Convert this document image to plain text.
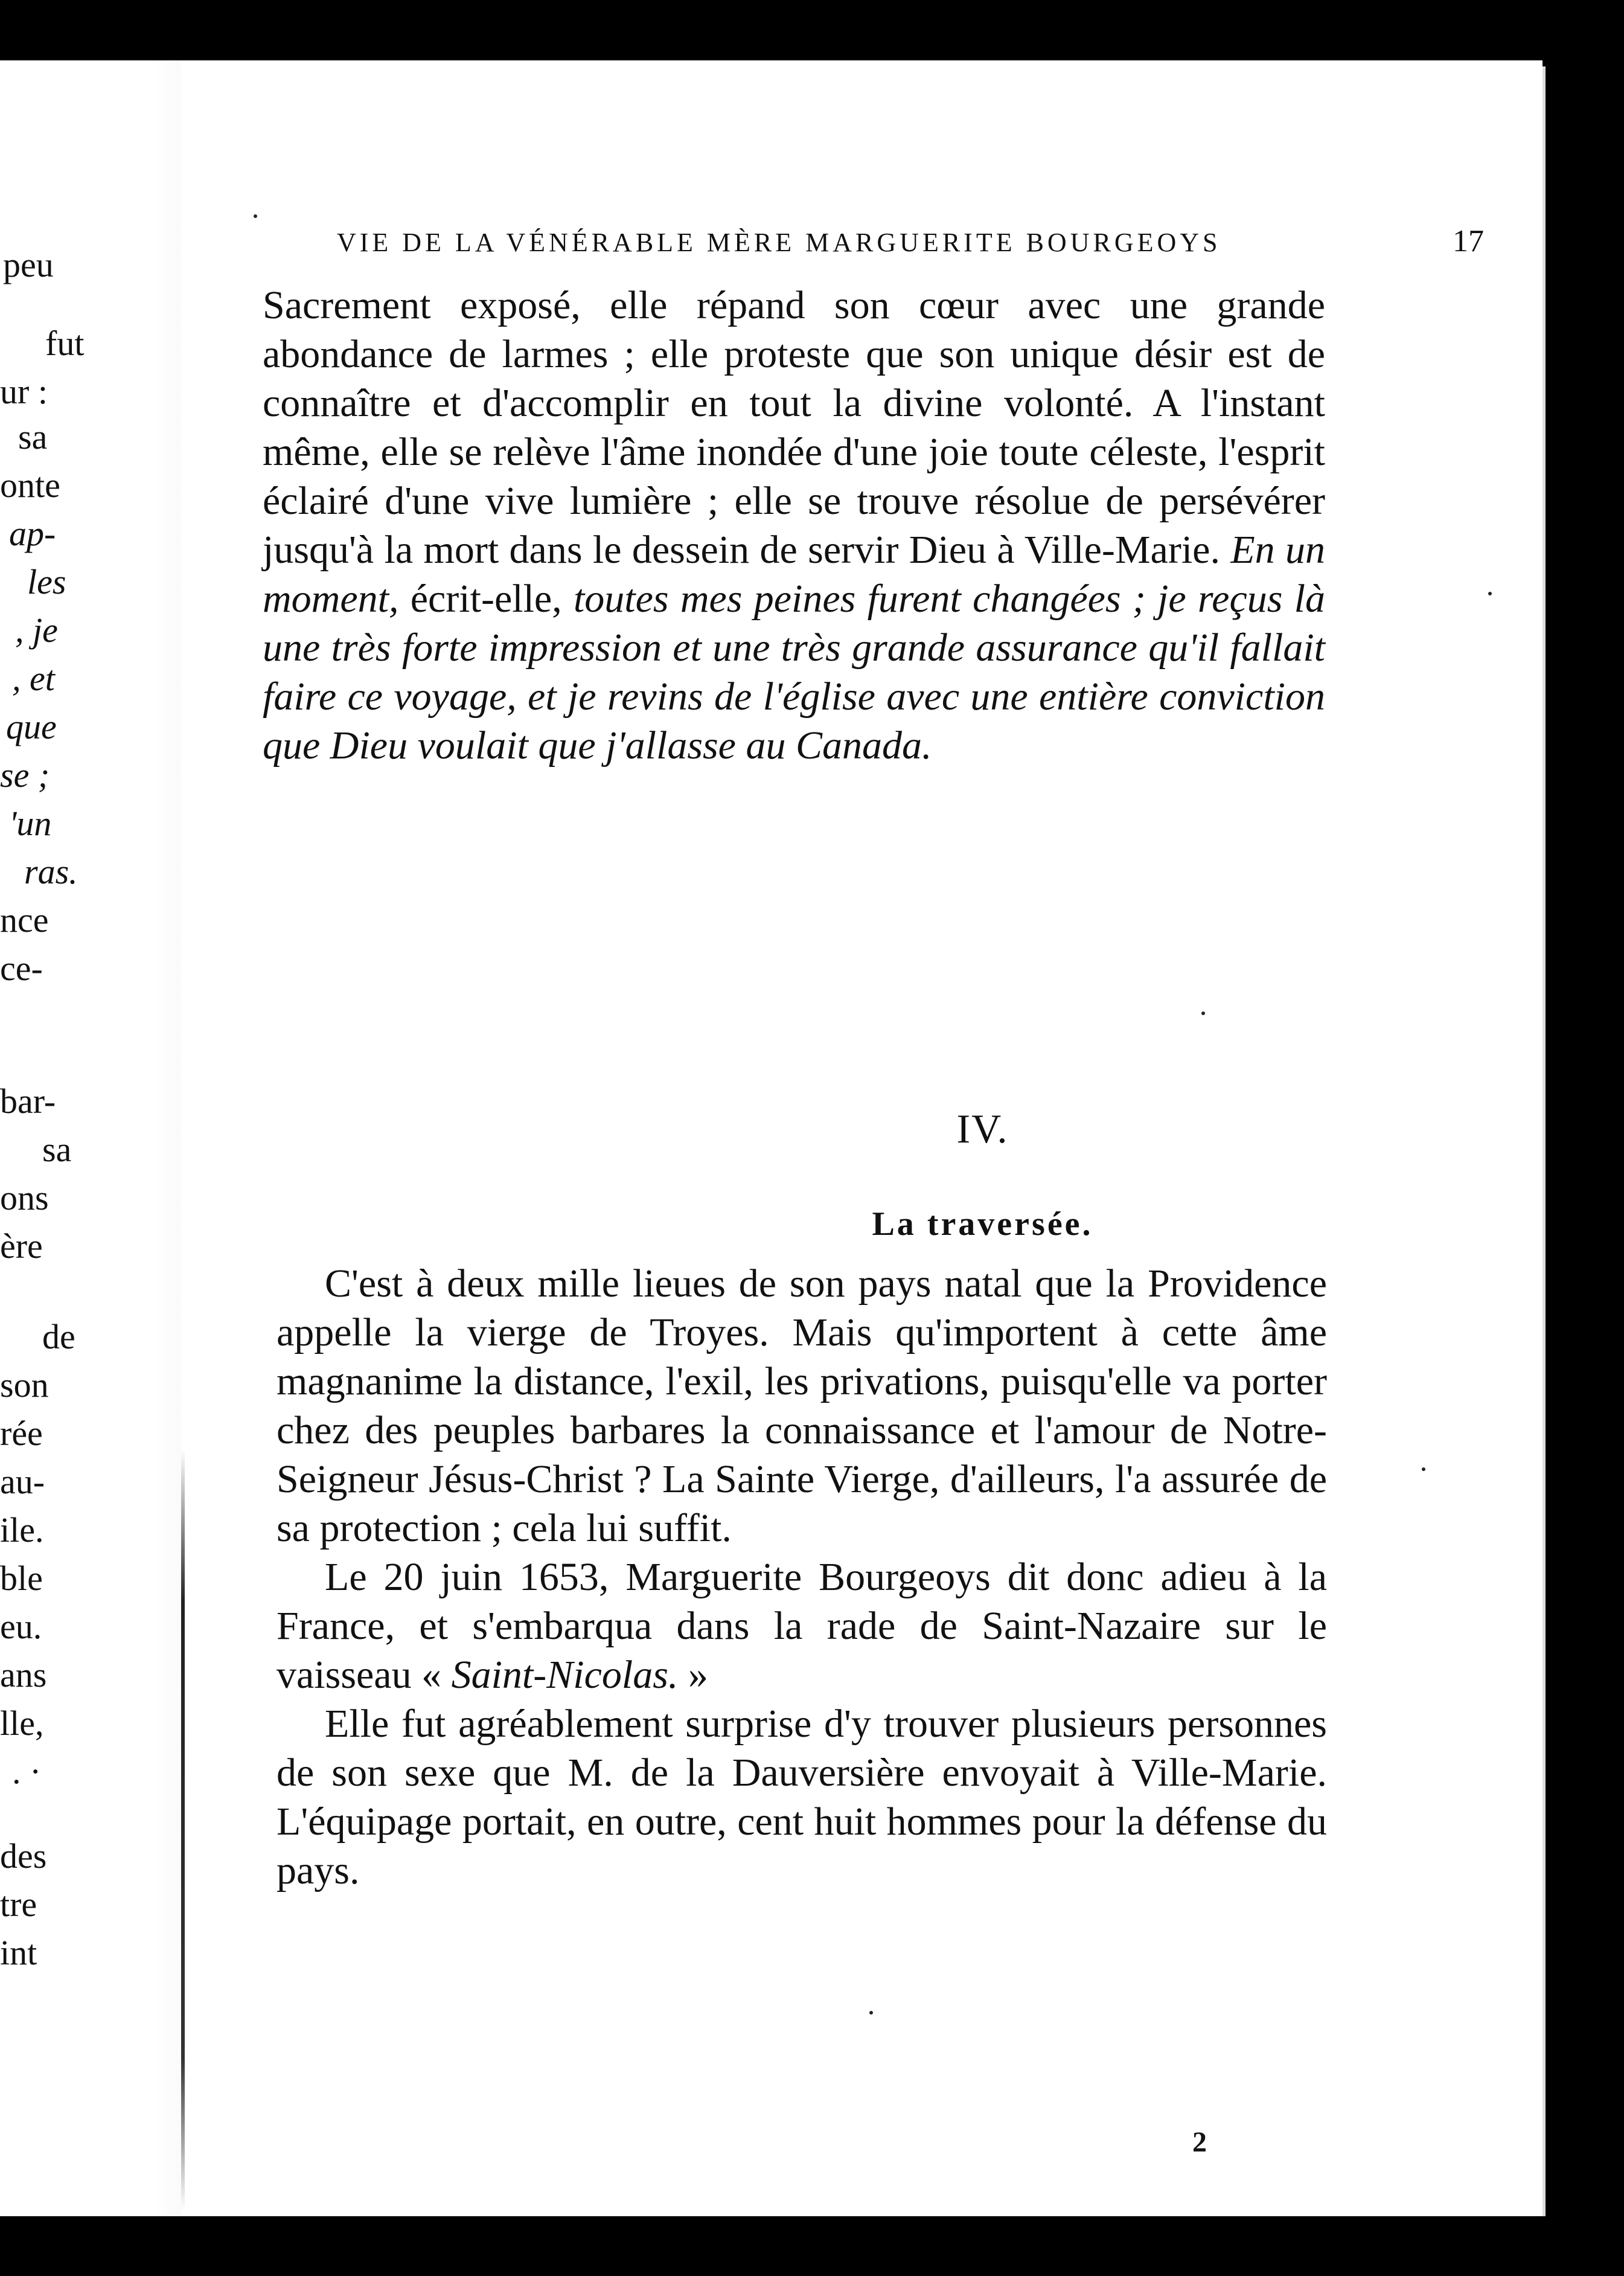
peu
fut
ur :
sa
onte
ap-
les
, je
, et
que
se ;
'un
ras.
nce
ce-
bar-
sa
ons
ère
de
son
rée
au-
ile.
ble
eu.
ans
lle,
. ·
des
tre
int
VIE DE LA VÉNÉRABLE MÈRE MARGUERITE BOURGEOYS	17

Sacrement exposé, elle répand son cœur avec une grande abondance de larmes ; elle proteste que son unique désir est de connaître et d'accomplir en tout la divine volonté. A l'instant même, elle se relève l'âme inondée d'une joie toute céleste, l'esprit éclairé d'une vive lumière ; elle se trouve résolue de persévérer jusqu'à la mort dans le dessein de servir Dieu à Ville-Marie. En un moment, écrit-elle, toutes mes peines furent changées ; je reçus là une très forte impression et une très grande assurance qu'il fallait faire ce voyage, et je revins de l'église avec une entière conviction que Dieu voulait que j'allasse au Canada.

IV.
La traversée.

C'est à deux mille lieues de son pays natal que la Providence appelle la vierge de Troyes. Mais qu'importent à cette âme magnanime la distance, l'exil, les privations, puisqu'elle va porter chez des peuples barbares la connaissance et l'amour de Notre-Seigneur Jésus-Christ ? La Sainte Vierge, d'ailleurs, l'a assurée de sa protection ; cela lui suffit.

Le 20 juin 1653, Marguerite Bourgeoys dit donc adieu à la France, et s'embarqua dans la rade de Saint-Nazaire sur le vaisseau « Saint-Nicolas. »

Elle fut agréablement surprise d'y trouver plusieurs personnes de son sexe que M. de la Dauversière envoyait à Ville-Marie. L'équipage portait, en outre, cent huit hommes pour la défense du pays.

2
